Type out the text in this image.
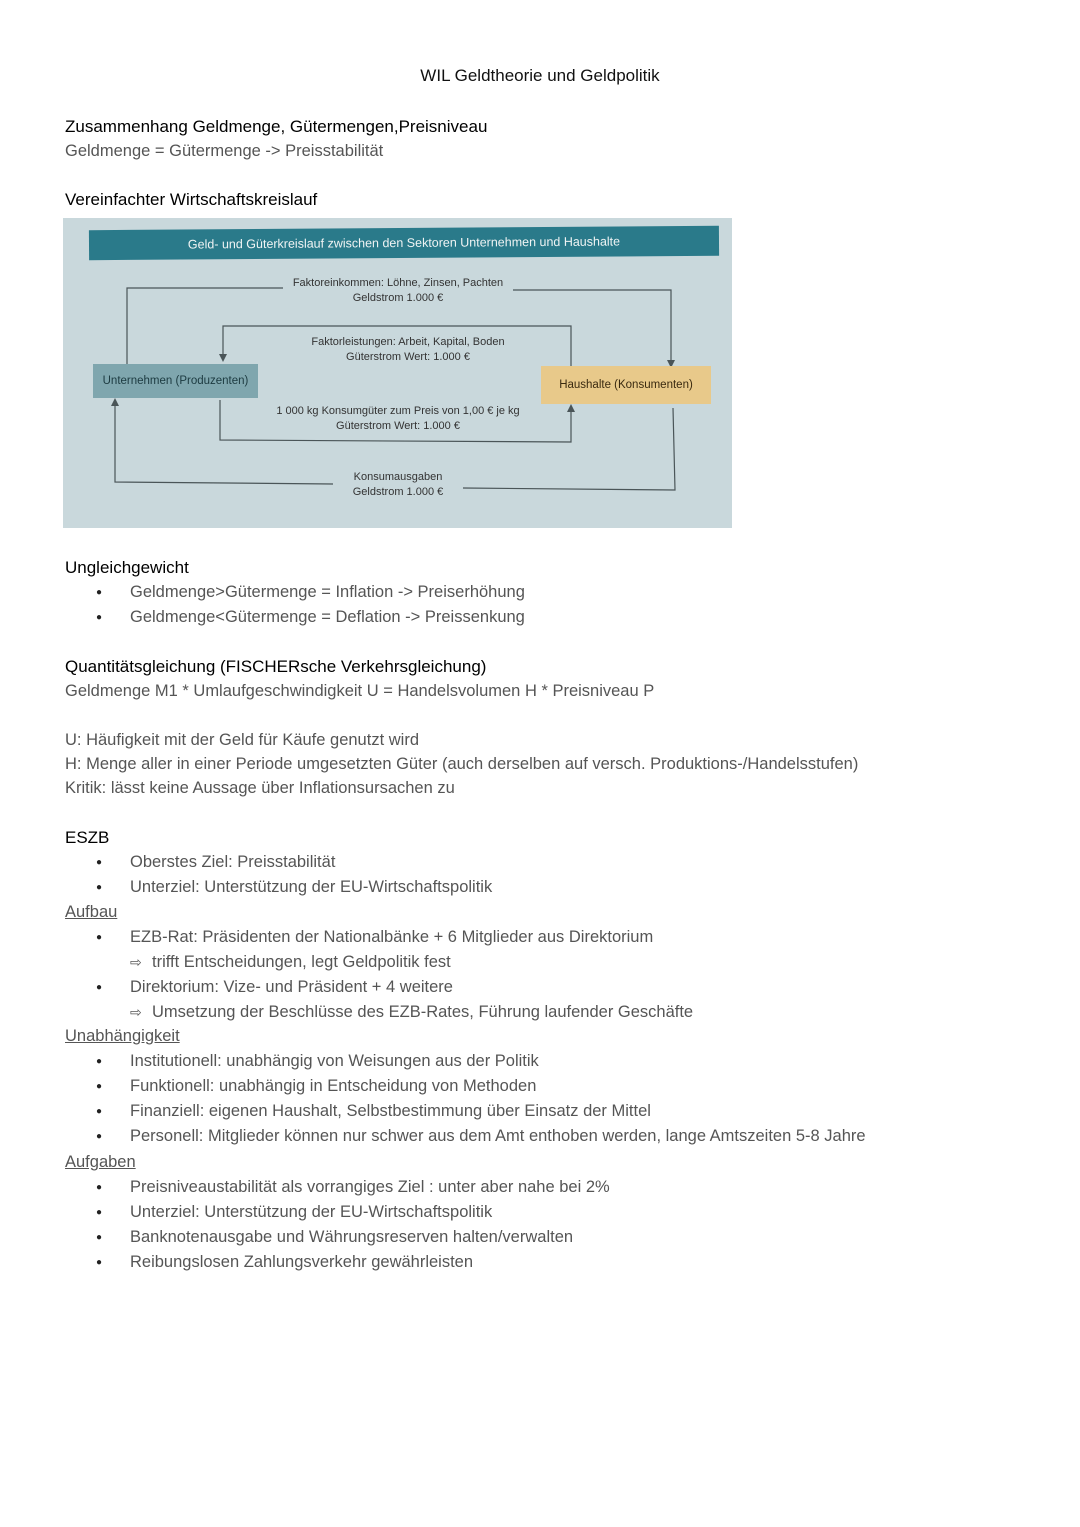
WIL Geldtheorie und Geldpolitik
Zusammenhang Geldmenge, Gütermengen,Preisniveau
Geldmenge = Gütermenge -> Preisstabilität
Vereinfachter Wirtschaftskreislauf
Geld- und Güterkreislauf zwischen den Sektoren Unternehmen und Haushalte
Faktoreinkommen: Löhne, Zinsen, Pachten
Geldstrom 1.000 €
Faktorleistungen: Arbeit, Kapital, Boden
Güterstrom Wert: 1.000 €
Unternehmen (Produzenten)	Haushalte (Konsumenten)
1 000 kg Konsumgüter zum Preis von 1,00 € je kg
Güterstrom Wert: 1.000 €
Konsumausgaben
Geldstrom 1.000 €
Ungleichgewicht
● Geldmenge>Gütermenge = Inflation -> Preiserhöhung
● Geldmenge<Gütermenge = Deflation -> Preissenkung
Quantitätsgleichung (FISCHERsche Verkehrsgleichung)
Geldmenge M1 * Umlaufgeschwindigkeit U = Handelsvolumen H * Preisniveau P
U: Häufigkeit mit der Geld für Käufe genutzt wird
H: Menge aller in einer Periode umgesetzten Güter (auch derselben auf versch. Produktions-/Handelsstufen)
Kritik: lässt keine Aussage über Inflationsursachen zu
ESZB
● Oberstes Ziel: Preisstabilität
● Unterziel: Unterstützung der EU-Wirtschaftspolitik
Aufbau
● EZB-Rat: Präsidenten der Nationalbänke + 6 Mitglieder aus Direktorium
⇨ trifft Entscheidungen, legt Geldpolitik fest
● Direktorium: Vize- und Präsident + 4 weitere
⇨ Umsetzung der Beschlüsse des EZB-Rates, Führung laufender Geschäfte
Unabhängigkeit
● Institutionell: unabhängig von Weisungen aus der Politik
● Funktionell: unabhängig in Entscheidung von Methoden
● Finanziell: eigenen Haushalt, Selbstbestimmung über Einsatz der Mittel
● Personell: Mitglieder können nur schwer aus dem Amt enthoben werden, lange Amtszeiten 5-8 Jahre
Aufgaben
● Preisniveaustabilität als vorrangiges Ziel : unter aber nahe bei 2%
● Unterziel: Unterstützung der EU-Wirtschaftspolitik
● Banknotenausgabe und Währungsreserven halten/verwalten
● Reibungslosen Zahlungsverkehr gewährleisten
